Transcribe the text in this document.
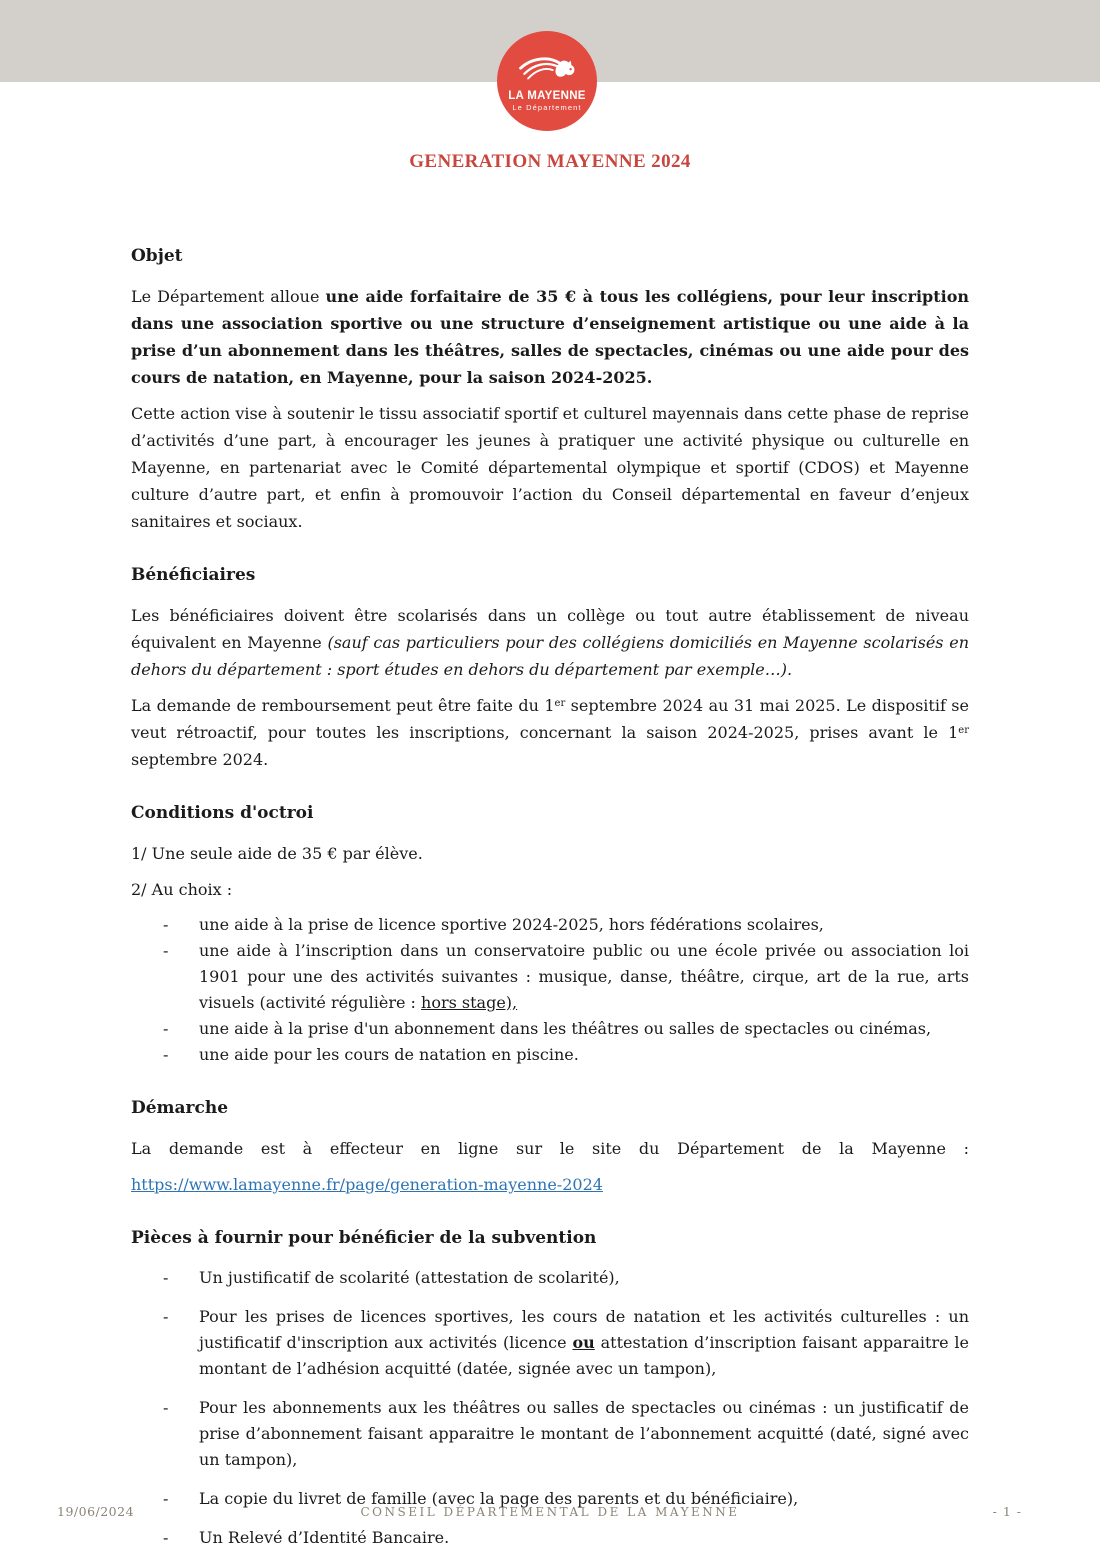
LA MAYENNE
Le Département
GENERATION MAYENNE 2024
Objet

Le Département alloue une aide forfaitaire de 35 € à tous les collégiens, pour leur inscription dans une association sportive ou une structure d’enseignement artistique ou une aide à la prise d’un abonnement dans les théâtres, salles de spectacles, cinémas ou une aide pour des cours de natation, en Mayenne, pour la saison 2024-2025.

Cette action vise à soutenir le tissu associatif sportif et culturel mayennais dans cette phase de reprise d’activités d’une part, à encourager les jeunes à pratiquer une activité physique ou culturelle en Mayenne, en partenariat avec le Comité départemental olympique et sportif (CDOS) et Mayenne culture d’autre part, et enfin à promouvoir l’action du Conseil départemental en faveur d’enjeux sanitaires et sociaux.

Bénéficiaires

Les bénéficiaires doivent être scolarisés dans un collège ou tout autre établissement de niveau équivalent en Mayenne (sauf cas particuliers pour des collégiens domiciliés en Mayenne scolarisés en dehors du département : sport études en dehors du département par exemple…).

La demande de remboursement peut être faite du 1er septembre 2024 au 31 mai 2025. Le dispositif se veut rétroactif, pour toutes les inscriptions, concernant la saison 2024-2025, prises avant le 1er septembre 2024.

Conditions d'octroi

1/ Une seule aide de 35 € par élève.

2/ Au choix :

- une aide à la prise de licence sportive 2024-2025, hors fédérations scolaires,
- une aide à l’inscription dans un conservatoire public ou une école privée ou association loi 1901 pour une des activités suivantes : musique, danse, théâtre, cirque, art de la rue, arts visuels (activité régulière : hors stage),
- une aide à la prise d'un abonnement dans les théâtres ou salles de spectacles ou cinémas,
- une aide pour les cours de natation en piscine.
Démarche

La demande est à effecteur en ligne sur le site du Département de la Mayenne :

https://www.lamayenne.fr/page/generation-mayenne-2024
Pièces à fournir pour bénéficier de la subvention
- Un justificatif de scolarité (attestation de scolarité),
- Pour les prises de licences sportives, les cours de natation et les activités culturelles : un justificatif d'inscription aux activités (licence ou attestation d’inscription faisant apparaitre le montant de l’adhésion acquitté (datée, signée avec un tampon),
- Pour les abonnements aux les théâtres ou salles de spectacles ou cinémas : un justificatif de prise d’abonnement faisant apparaitre le montant de l’abonnement acquitté (daté, signé avec un tampon),
- La copie du livret de famille (avec la page des parents et du bénéficiaire),
- Un Relevé d’Identité Bancaire.
19/06/2024	CONSEIL DÉPARTEMENTAL DE LA MAYENNE	- 1 -
